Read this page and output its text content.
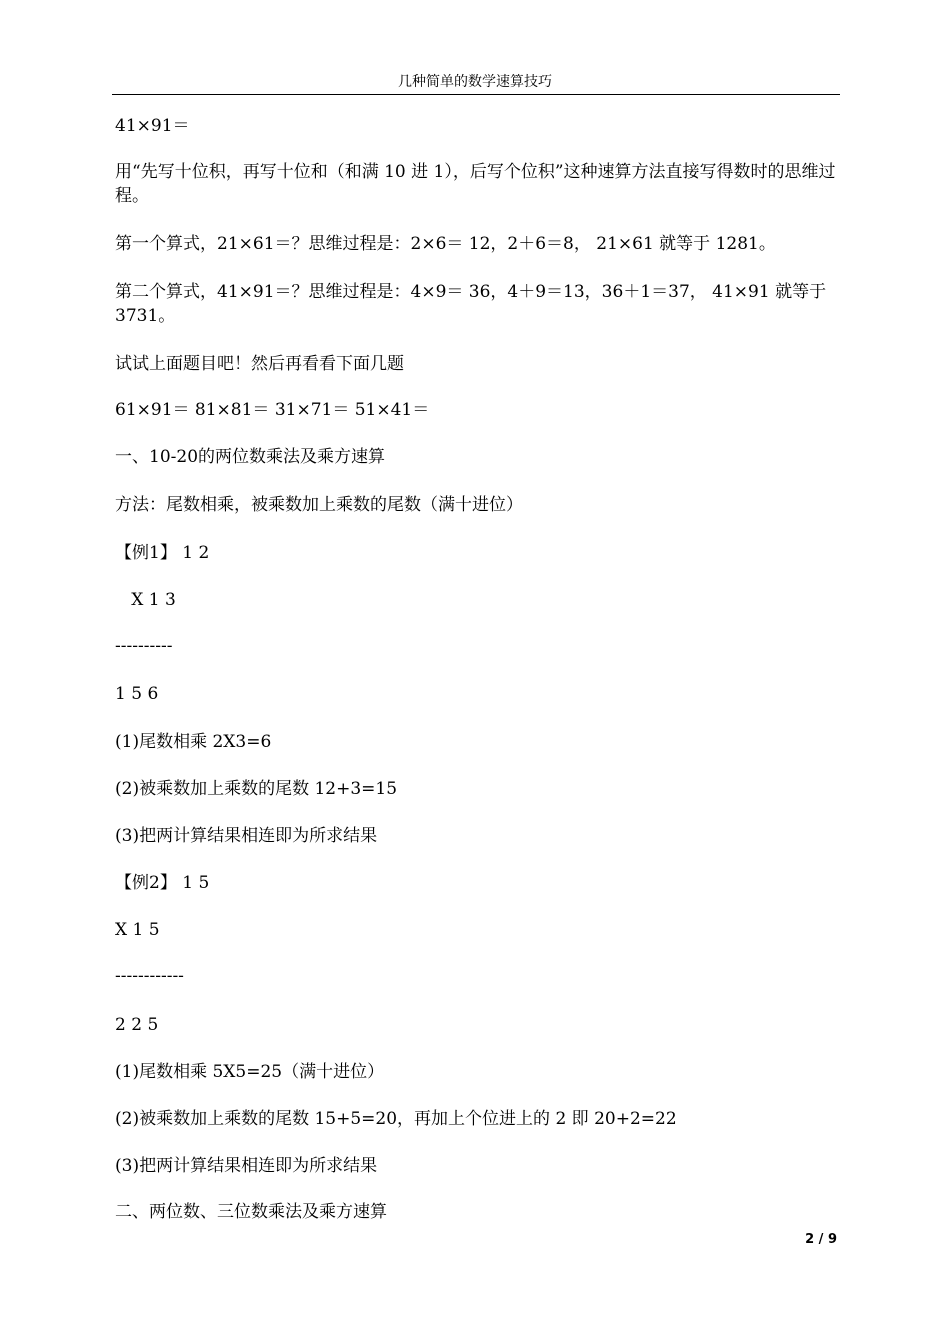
几种简单的数学速算技巧
41×91＝
用“先写十位积，再写十位和（和满 10 进 1），后写个位积”这种速算方法直接写得数时的思维过程。
第一个算式，21×61＝？思维过程是：2×6＝ 12，2＋6＝8， 21×61 就等于 1281。
第二个算式，41×91＝？思维过程是：4×9＝ 36，4＋9＝13，36＋1＝37， 41×91 就等于 3731。
试试上面题目吧！然后再看看下面几题
61×91＝ 81×81＝ 31×71＝ 51×41＝
一、10-20的两位数乘法及乘方速算
方法：尾数相乘，被乘数加上乘数的尾数（满十进位）
【例1】 1 2
X 1 3
----------
1 5 6
(1)尾数相乘 2X3=6
(2)被乘数加上乘数的尾数 12+3=15
(3)把两计算结果相连即为所求结果
【例2】 1 5
X 1 5
------------
2 2 5
(1)尾数相乘 5X5=25（满十进位）
(2)被乘数加上乘数的尾数 15+5=20，再加上个位进上的 2 即 20+2=22
(3)把两计算结果相连即为所求结果
二、两位数、三位数乘法及乘方速算
2 / 9
